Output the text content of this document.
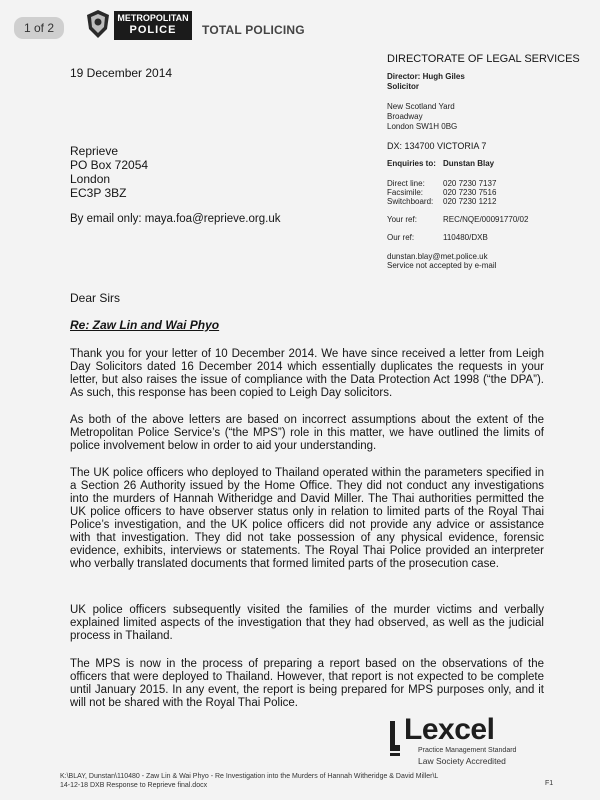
1 of 2
METROPOLITAN
POLICE	TOTAL POLICING
19 December 2014
DIRECTORATE OF LEGAL SERVICES
Director: Hugh Giles
Solicitor
New Scotland Yard
Broadway
London SW1H 0BG
DX: 134700 VICTORIA 7
Enquiries to: Dunstan Blay
Direct line: 020 7230 7137
Facsimile: 020 7230 7516
Switchboard: 020 7230 1212
Your ref:	REC/NQE/00091770/02
Our ref:	110480/DXB
dunstan.blay@met.police.uk
Service not accepted by e-mail
Reprieve
PO Box 72054
London
EC3P 3BZ
By email only: maya.foa@reprieve.org.uk
Dear Sirs
Re: Zaw Lin and Wai Phyo
Thank you for your letter of 10 December 2014. We have since received a letter from Leigh Day Solicitors dated 16 December 2014 which essentially duplicates the requests in your letter, but also raises the issue of compliance with the Data Protection Act 1998 (“the DPA”). As such, this response has been copied to Leigh Day solicitors.
As both of the above letters are based on incorrect assumptions about the extent of the Metropolitan Police Service’s (“the MPS”) role in this matter, we have outlined the limits of police involvement below in order to aid your understanding.
The UK police officers who deployed to Thailand operated within the parameters specified in a Section 26 Authority issued by the Home Office. They did not conduct any investigations into the murders of Hannah Witheridge and David Miller. The Thai authorities permitted the UK police officers to have observer status only in relation to limited parts of the Royal Thai Police’s investigation, and the UK police officers did not provide any advice or assistance with that investigation. They did not take possession of any physical evidence, forensic evidence, exhibits, interviews or statements. The Royal Thai Police provided an interpreter who verbally translated documents that formed limited parts of the prosecution case.
UK police officers subsequently visited the families of the murder victims and verbally explained limited aspects of the investigation that they had observed, as well as the judicial process in Thailand.
The MPS is now in the process of preparing a report based on the observations of the officers that were deployed to Thailand. However, that report is not expected to be complete until January 2015. In any event, the report is being prepared for MPS purposes only, and it will not be shared with the Royal Thai Police.
Lexcel
Practice Management Standard
Law Society Accredited
K:\BLAY, Dunstan\110480 - Zaw Lin & Wai Phyo - Re Investigation into the Murders of Hannah Witheridge & David Miller\L
14-12-18 DXB Response to Reprieve final.docx	F1
